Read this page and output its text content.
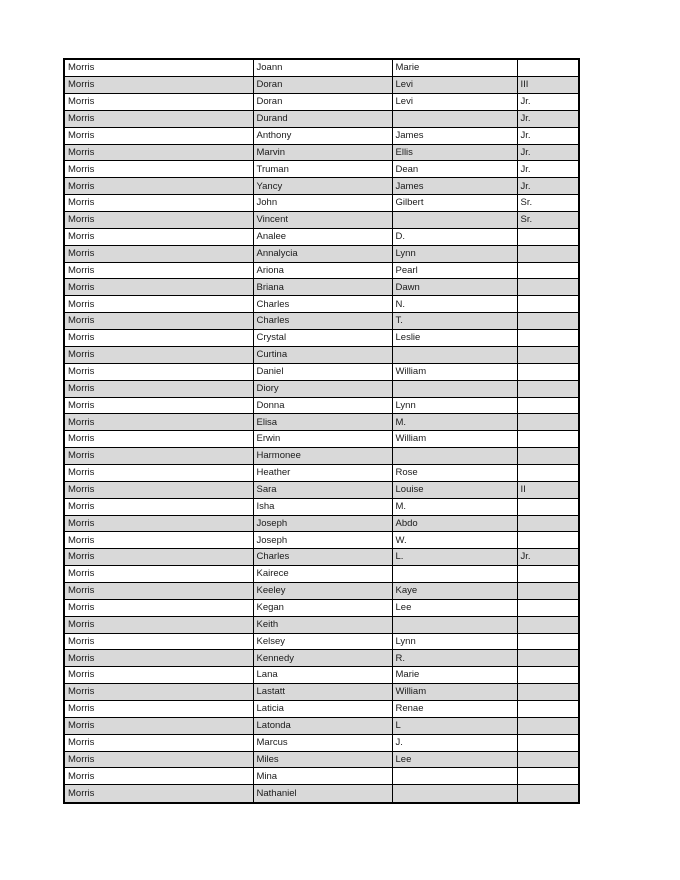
Morris	Joann	Marie	
Morris	Doran	Levi	III
Morris	Doran	Levi	Jr.
Morris	Durand		Jr.
Morris	Anthony	James	Jr.
Morris	Marvin	Ellis	Jr.
Morris	Truman	Dean	Jr.
Morris	Yancy	James	Jr.
Morris	John	Gilbert	Sr.
Morris	Vincent		Sr.
Morris	Analee	D.	
Morris	Annalycia	Lynn	
Morris	Ariona	Pearl	
Morris	Briana	Dawn	
Morris	Charles	N.	
Morris	Charles	T.	
Morris	Crystal	Leslie	
Morris	Curtina		
Morris	Daniel	William	
Morris	Diory		
Morris	Donna	Lynn	
Morris	Elisa	M.	
Morris	Erwin	William	
Morris	Harmonee		
Morris	Heather	Rose	
Morris	Sara	Louise	II
Morris	Isha	M.	
Morris	Joseph	Abdo	
Morris	Joseph	W.	
Morris	Charles	L.	Jr.
Morris	Kairece		
Morris	Keeley	Kaye	
Morris	Kegan	Lee	
Morris	Keith		
Morris	Kelsey	Lynn	
Morris	Kennedy	R.	
Morris	Lana	Marie	
Morris	Lastatt	William	
Morris	Laticia	Renae	
Morris	Latonda	L	
Morris	Marcus	J.	
Morris	Miles	Lee	
Morris	Mina		
Morris	Nathaniel		
